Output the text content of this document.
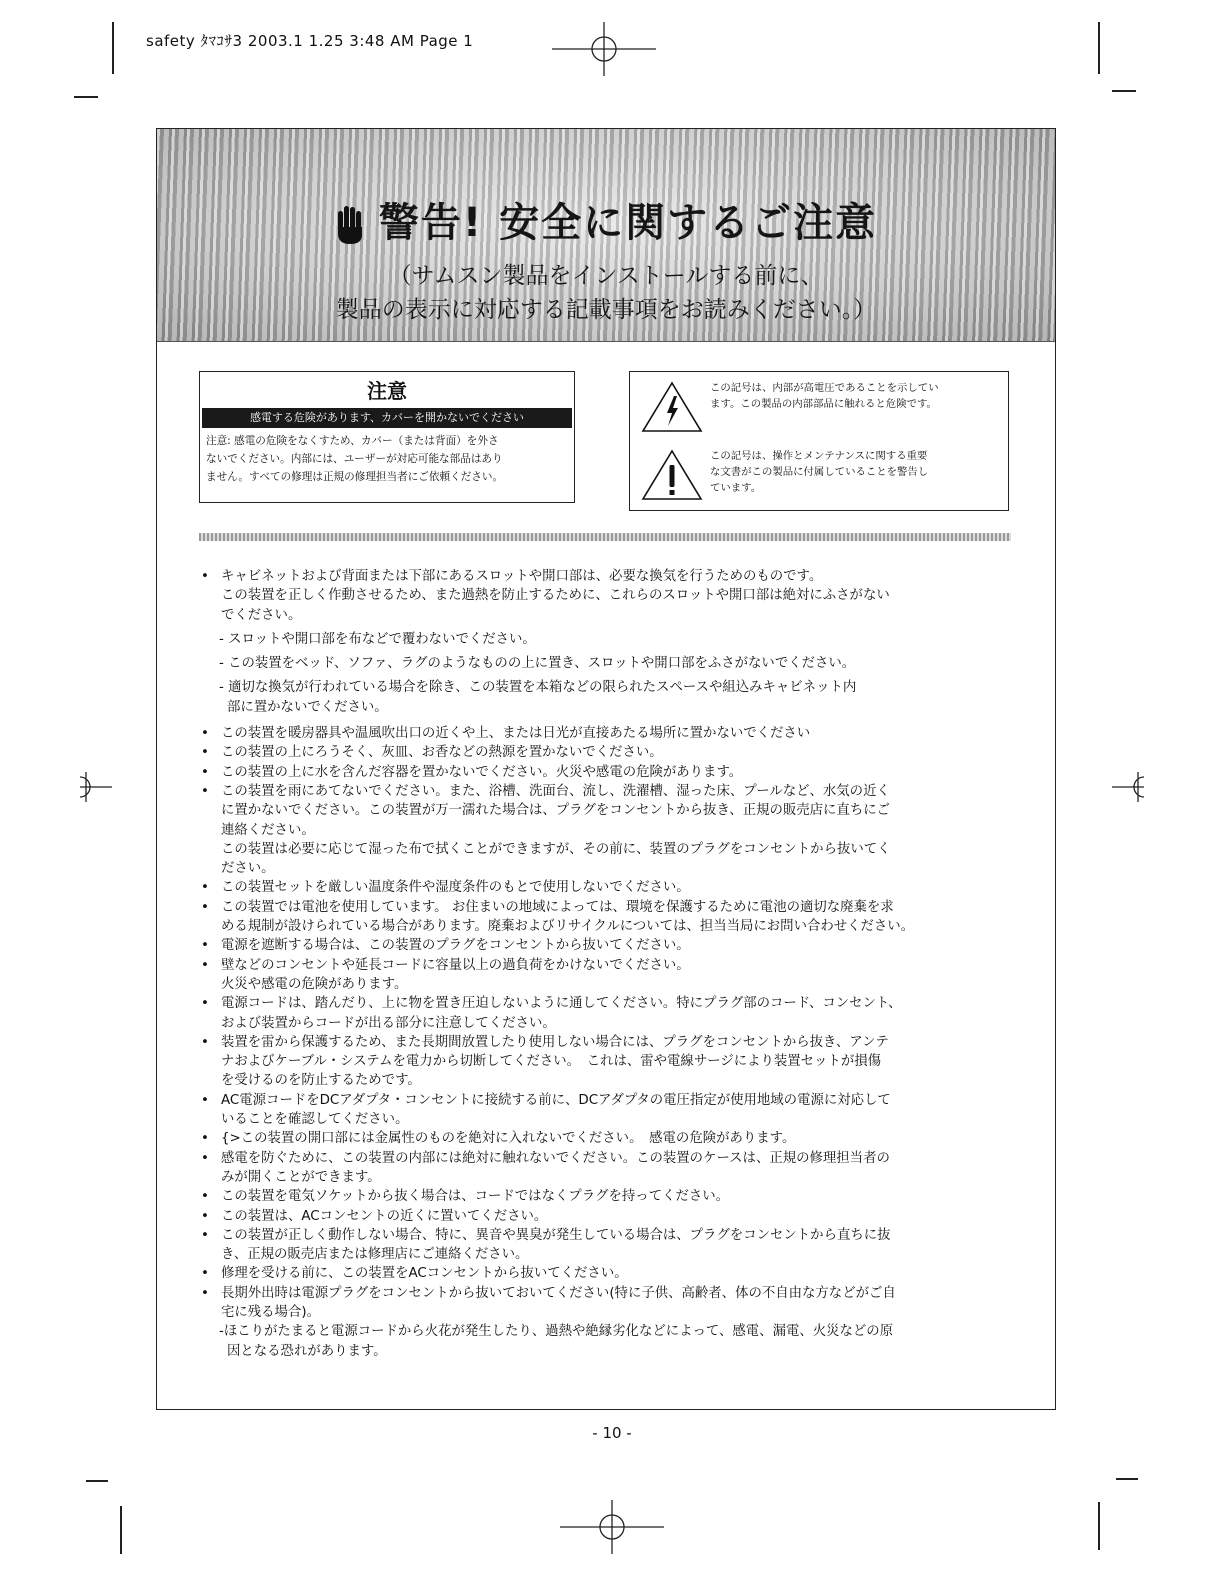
safety ﾀﾏｺｻ3 2003.1 1.25 3:48 AM Page 1
警告! 安全に関するご注意
（サムスン製品をインストールする前に、
製品の表示に対応する記載事項をお読みください。）
注意
感電する危険があります、カバーを開かないでください
注意: 感電の危険をなくすため、カバー（または背面）を外さ
ないでください。内部には、ユーザーが対応可能な部品はあり
ません。すべての修理は正規の修理担当者にご依頼ください。
この記号は、内部が高電圧であることを示してい
ます。この製品の内部部品に触れると危険です。
この記号は、操作とメンテナンスに関する重要
な文書がこの製品に付属していることを警告し
ています。
• キャビネットおよび背面または下部にあるスロットや開口部は、必要な換気を行うためのものです。
この装置を正しく作動させるため、また過熱を防止するために、これらのスロットや開口部は絶対にふさがない
でください。
- スロットや開口部を布などで覆わないでください。
- この装置をベッド、ソファ、ラグのようなものの上に置き、スロットや開口部をふさがないでください。
- 適切な換気が行われている場合を除き、この装置を本箱などの限られたスペースや組込みキャビネット内
部に置かないでください。
• この装置を暖房器具や温風吹出口の近くや上、または日光が直接あたる場所に置かないでください
• この装置の上にろうそく、灰皿、お香などの熱源を置かないでください。
• この装置の上に水を含んだ容器を置かないでください。火災や感電の危険があります。
• この装置を雨にあてないでください。また、浴槽、洗面台、流し、洗濯槽、湿った床、プールなど、水気の近く
に置かないでください。この装置が万一濡れた場合は、プラグをコンセントから抜き、正規の販売店に直ちにご
連絡ください。
この装置は必要に応じて湿った布で拭くことができますが、その前に、装置のプラグをコンセントから抜いてく
ださい。
• この装置セットを厳しい温度条件や湿度条件のもとで使用しないでください。
• この装置では電池を使用しています。 お住まいの地域によっては、環境を保護するために電池の適切な廃棄を求
める規制が設けられている場合があります。廃棄およびリサイクルについては、担当当局にお問い合わせください。
• 電源を遮断する場合は、この装置のプラグをコンセントから抜いてください。
• 壁などのコンセントや延長コードに容量以上の過負荷をかけないでください。
火災や感電の危険があります。
• 電源コードは、踏んだり、上に物を置き圧迫しないように通してください。特にプラグ部のコード、コンセント、
および装置からコードが出る部分に注意してください。
• 装置を雷から保護するため、また長期間放置したり使用しない場合には、プラグをコンセントから抜き、アンテ
ナおよびケーブル・システムを電力から切断してください。　これは、雷や電線サージにより装置セットが損傷
を受けるのを防止するためです。
• AC電源コードをDCアダプタ・コンセントに接続する前に、DCアダプタの電圧指定が使用地域の電源に対応して
いることを確認してください。
• {>この装置の開口部には金属性のものを絶対に入れないでください。　感電の危険があります。
• 感電を防ぐために、この装置の内部には絶対に触れないでください。この装置のケースは、正規の修理担当者の
みが開くことができます。
• この装置を電気ソケットから抜く場合は、コードではなくプラグを持ってください。
• この装置は、ACコンセントの近くに置いてください。
• この装置が正しく動作しない場合、特に、異音や異臭が発生している場合は、プラグをコンセントから直ちに抜
き、正規の販売店または修理店にご連絡ください。
• 修理を受ける前に、この装置をACコンセントから抜いてください。
• 長期外出時は電源プラグをコンセントから抜いておいてください(特に子供、高齢者、体の不自由な方などがご自
宅に残る場合)。
-ほこりがたまると電源コードから火花が発生したり、過熱や絶縁劣化などによって、感電、漏電、火災などの原
因となる恐れがあります。
- 10 -
